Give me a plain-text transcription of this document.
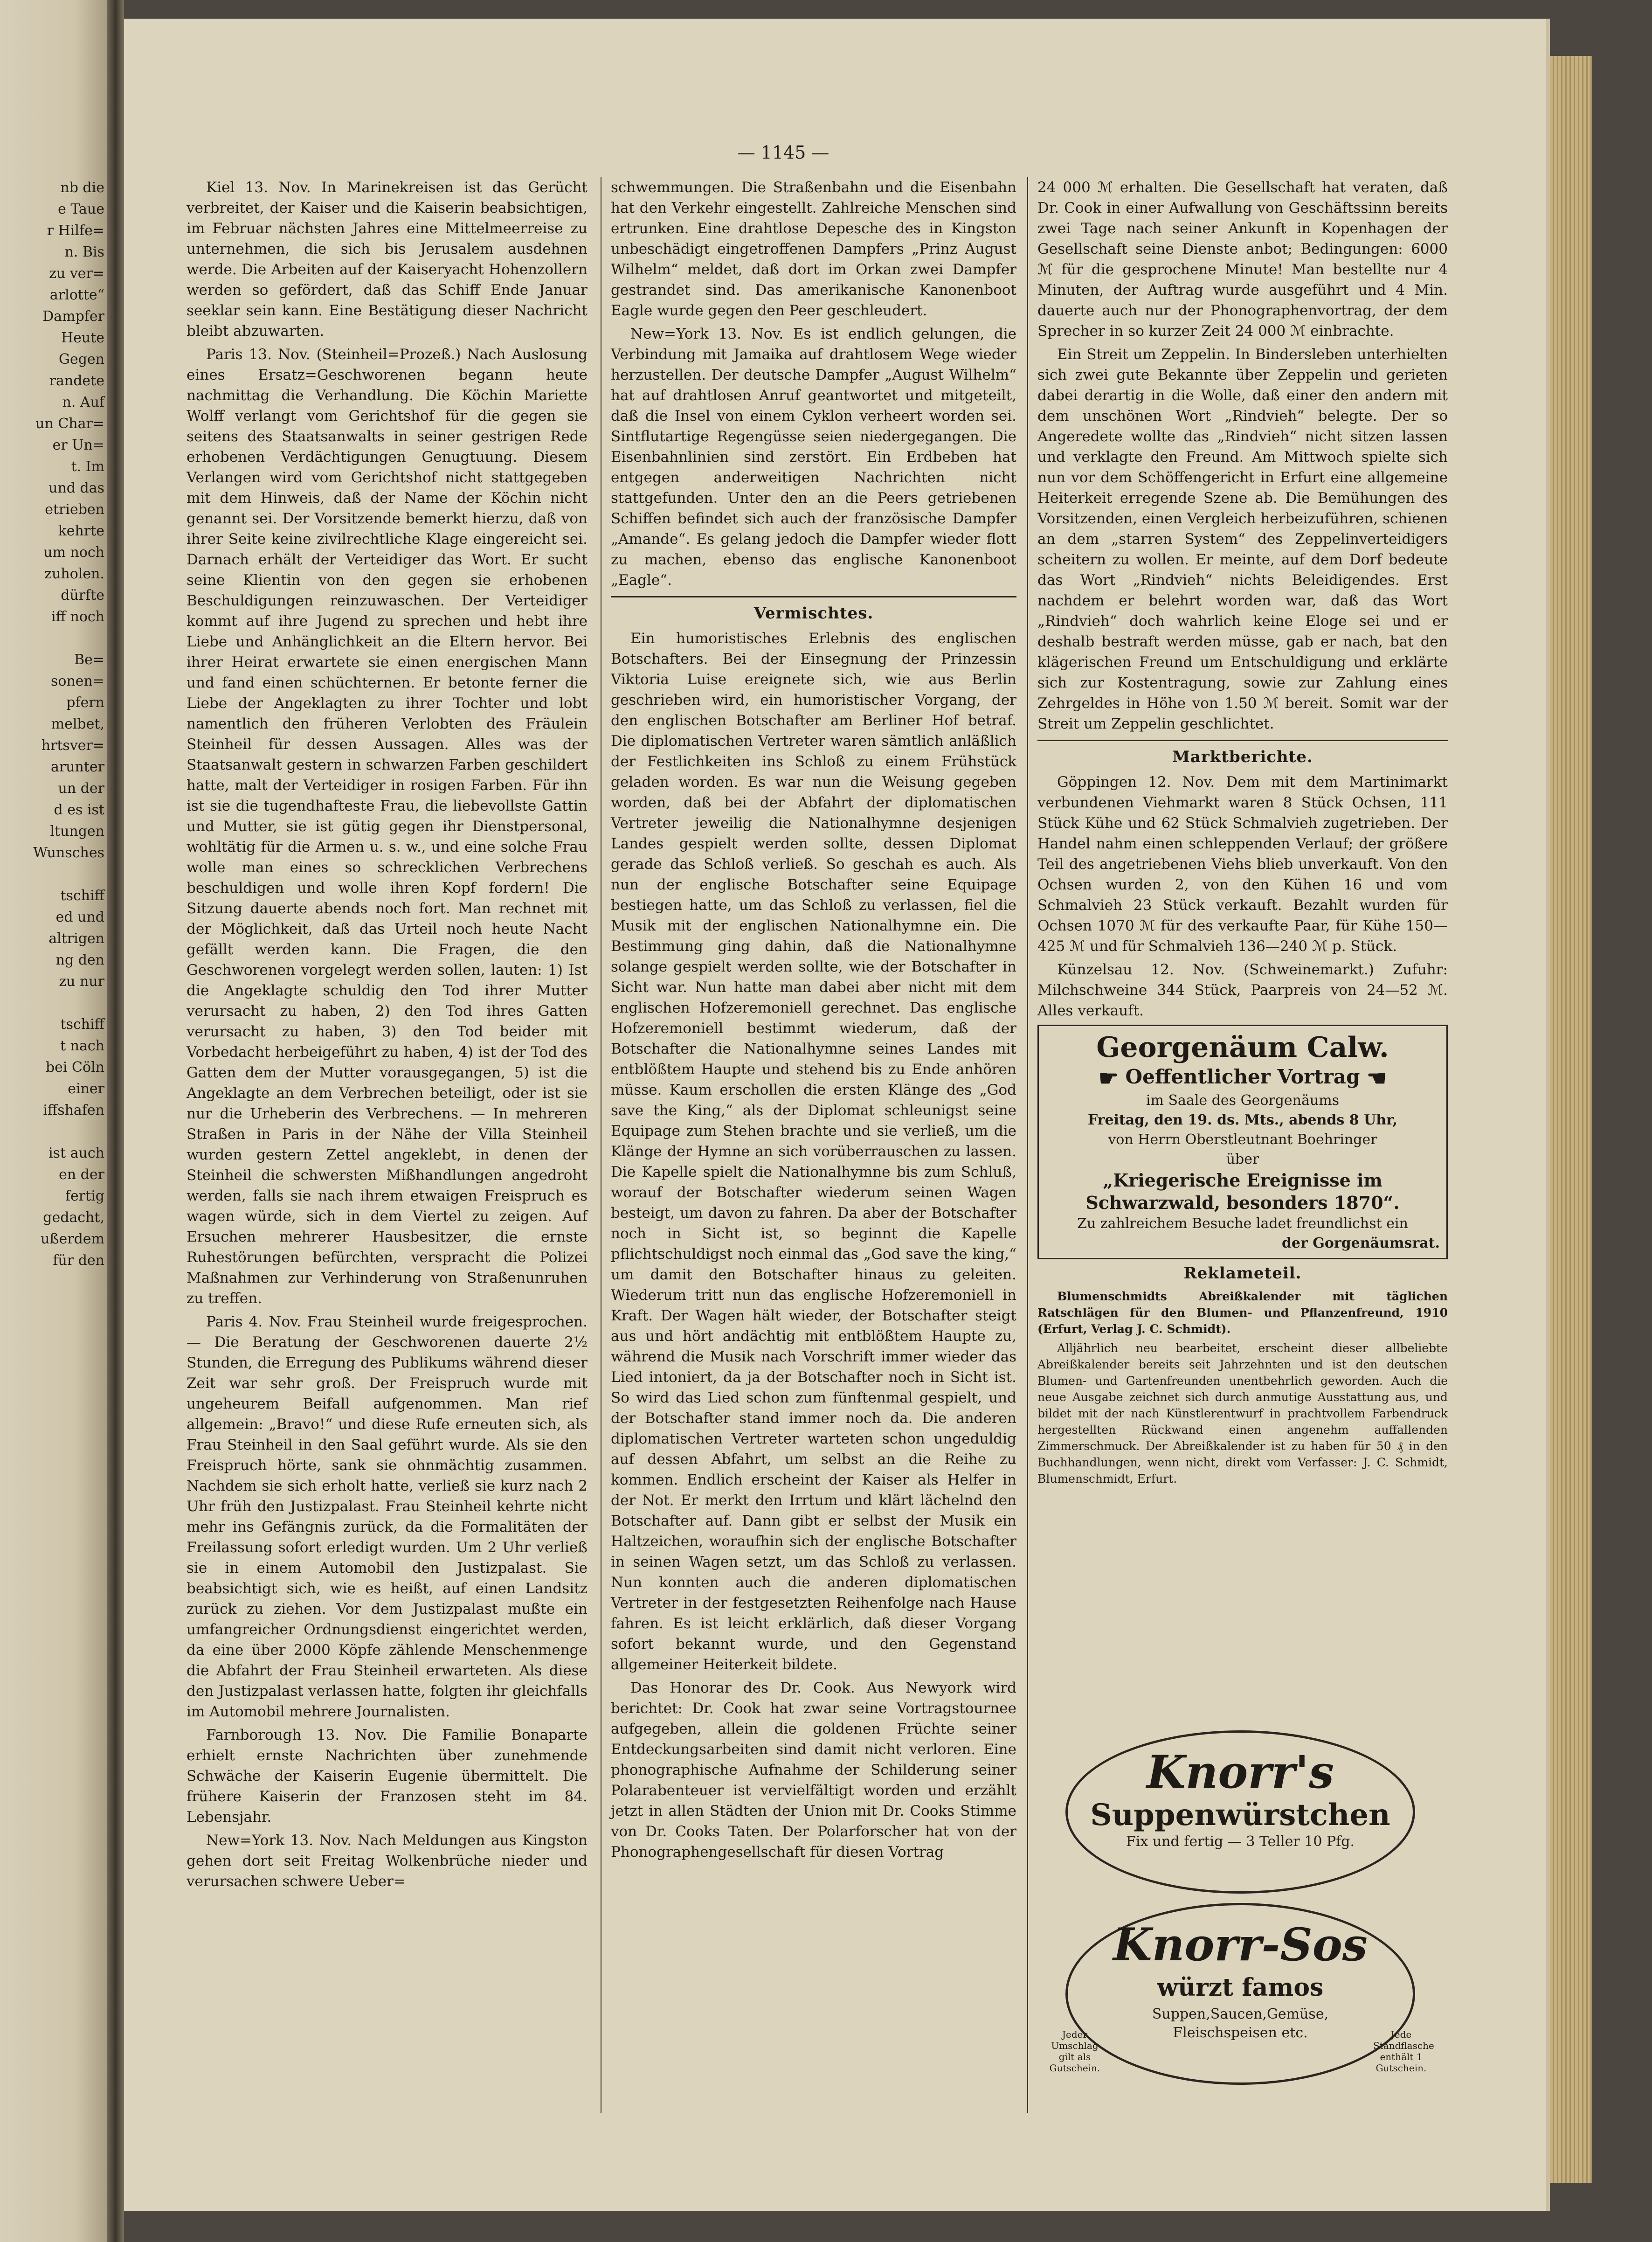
nb die
e Taue
r Hilfe=
n. Bis
zu ver=
arlotte“
Dampfer
Heute
Gegen
randete
n. Auf
un Char=
er Un=
t. Im
und das
etrieben
kehrte
um noch
zuholen.
dürfte
iff noch
Be=
sonen=
pfern
melbet,
hrtsver=
arunter
un der
d es ist
ltungen
Wunsches
tschiff
ed und
altrigen
ng den
zu nur
tschiff
t nach
bei Cöln
einer
iffshafen
ist auch
en der
fertig
gedacht,
ußerdem
für den
— 1145 —

Kiel 13. Nov. In Marinekreisen ist das Gerücht verbreitet, der Kaiser und die Kaiserin beabsichtigen, im Februar nächsten Jahres eine Mittelmeerreise zu unternehmen, die sich bis Jerusalem ausdehnen werde. Die Arbeiten auf der Kaiseryacht Hohenzollern werden so gefördert, daß das Schiff Ende Januar seeklar sein kann. Eine Bestätigung dieser Nachricht bleibt abzuwarten.

Paris 13. Nov. (Steinheil=Prozeß.) Nach Auslosung eines Ersatz=Geschworenen begann heute nachmittag die Verhandlung. Die Köchin Mariette Wolff verlangt vom Gerichtshof für die gegen sie seitens des Staatsanwalts in seiner gestrigen Rede erhobenen Verdächtigungen Genugtuung. Diesem Verlangen wird vom Gerichtshof nicht stattgegeben mit dem Hinweis, daß der Name der Köchin nicht genannt sei. Der Vorsitzende bemerkt hierzu, daß von ihrer Seite keine zivilrechtliche Klage eingereicht sei. Darnach erhält der Verteidiger das Wort. Er sucht seine Klientin von den gegen sie erhobenen Beschuldigungen reinzuwaschen. Der Verteidiger kommt auf ihre Jugend zu sprechen und hebt ihre Liebe und Anhänglichkeit an die Eltern hervor. Bei ihrer Heirat erwartete sie einen energischen Mann und fand einen schüchternen. Er betonte ferner die Liebe der Angeklagten zu ihrer Tochter und lobt namentlich den früheren Verlobten des Fräulein Steinheil für dessen Aussagen. Alles was der Staatsanwalt gestern in schwarzen Farben geschildert hatte, malt der Verteidiger in rosigen Farben. Für ihn ist sie die tugendhafteste Frau, die liebevollste Gattin und Mutter, sie ist gütig gegen ihr Dienstpersonal, wohltätig für die Armen u. s. w., und eine solche Frau wolle man eines so schrecklichen Verbrechens beschuldigen und wolle ihren Kopf fordern! Die Sitzung dauerte abends noch fort. Man rechnet mit der Möglichkeit, daß das Urteil noch heute Nacht gefällt werden kann. Die Fragen, die den Geschworenen vorgelegt werden sollen, lauten: 1) Ist die Angeklagte schuldig den Tod ihrer Mutter verursacht zu haben, 2) den Tod ihres Gatten verursacht zu haben, 3) den Tod beider mit Vorbedacht herbeigeführt zu haben, 4) ist der Tod des Gatten dem der Mutter vorausgegangen, 5) ist die Angeklagte an dem Verbrechen beteiligt, oder ist sie nur die Urheberin des Verbrechens. — In mehreren Straßen in Paris in der Nähe der Villa Steinheil wurden gestern Zettel angeklebt, in denen der Steinheil die schwersten Mißhandlungen angedroht werden, falls sie nach ihrem etwaigen Freispruch es wagen würde, sich in dem Viertel zu zeigen. Auf Ersuchen mehrerer Hausbesitzer, die ernste Ruhestörungen befürchten, verspracht die Polizei Maßnahmen zur Verhinderung von Straßenunruhen zu treffen.

Paris 4. Nov. Frau Steinheil wurde freigesprochen. — Die Beratung der Geschworenen dauerte 2½ Stunden, die Erregung des Publikums während dieser Zeit war sehr groß. Der Freispruch wurde mit ungeheurem Beifall aufgenommen. Man rief allgemein: „Bravo!“ und diese Rufe erneuten sich, als Frau Steinheil in den Saal geführt wurde. Als sie den Freispruch hörte, sank sie ohnmächtig zusammen. Nachdem sie sich erholt hatte, verließ sie kurz nach 2 Uhr früh den Justizpalast. Frau Steinheil kehrte nicht mehr ins Gefängnis zurück, da die Formalitäten der Freilassung sofort erledigt wurden. Um 2 Uhr verließ sie in einem Automobil den Justizpalast. Sie beabsichtigt sich, wie es heißt, auf einen Landsitz zurück zu ziehen. Vor dem Justizpalast mußte ein umfangreicher Ordnungsdienst eingerichtet werden, da eine über 2000 Köpfe zählende Menschenmenge die Abfahrt der Frau Steinheil erwarteten. Als diese den Justizpalast verlassen hatte, folgten ihr gleichfalls im Automobil mehrere Journalisten.

Farnborough 13. Nov. Die Familie Bonaparte erhielt ernste Nachrichten über zunehmende Schwäche der Kaiserin Eugenie übermittelt. Die frühere Kaiserin der Franzosen steht im 84. Lebensjahr.

New=York 13. Nov. Nach Meldungen aus Kingston gehen dort seit Freitag Wolkenbrüche nieder und verursachen schwere Ueber=

schwemmungen. Die Straßenbahn und die Eisenbahn hat den Verkehr eingestellt. Zahlreiche Menschen sind ertrunken. Eine drahtlose Depesche des in Kingston unbeschädigt eingetroffenen Dampfers „Prinz August Wilhelm“ meldet, daß dort im Orkan zwei Dampfer gestrandet sind. Das amerikanische Kanonenboot Eagle wurde gegen den Peer geschleudert.

New=York 13. Nov. Es ist endlich gelungen, die Verbindung mit Jamaika auf drahtlosem Wege wieder herzustellen. Der deutsche Dampfer „August Wilhelm“ hat auf drahtlosen Anruf geantwortet und mitgeteilt, daß die Insel von einem Cyklon verheert worden sei. Sintflutartige Regengüsse seien niedergegangen. Die Eisenbahnlinien sind zerstört. Ein Erdbeben hat entgegen anderweitigen Nachrichten nicht stattgefunden. Unter den an die Peers getriebenen Schiffen befindet sich auch der französische Dampfer „Amande“. Es gelang jedoch die Dampfer wieder flott zu machen, ebenso das englische Kanonenboot „Eagle“.

Vermischtes.

Ein humoristisches Erlebnis des englischen Botschafters. Bei der Einsegnung der Prinzessin Viktoria Luise ereignete sich, wie aus Berlin geschrieben wird, ein humoristischer Vorgang, der den englischen Botschafter am Berliner Hof betraf. Die diplomatischen Vertreter waren sämtlich anläßlich der Festlichkeiten ins Schloß zu einem Frühstück geladen worden. Es war nun die Weisung gegeben worden, daß bei der Abfahrt der diplomatischen Vertreter jeweilig die Nationalhymne desjenigen Landes gespielt werden sollte, dessen Diplomat gerade das Schloß verließ. So geschah es auch. Als nun der englische Botschafter seine Equipage bestiegen hatte, um das Schloß zu verlassen, fiel die Musik mit der englischen Nationalhymne ein. Die Bestimmung ging dahin, daß die Nationalhymne solange gespielt werden sollte, wie der Botschafter in Sicht war. Nun hatte man dabei aber nicht mit dem englischen Hofzeremoniell gerechnet. Das englische Hofzeremoniell bestimmt wiederum, daß der Botschafter die Nationalhymne seines Landes mit entblößtem Haupte und stehend bis zu Ende anhören müsse. Kaum erschollen die ersten Klänge des „God save the King,“ als der Diplomat schleunigst seine Equipage zum Stehen brachte und sie verließ, um die Klänge der Hymne an sich vorüberrauschen zu lassen. Die Kapelle spielt die Nationalhymne bis zum Schluß, worauf der Botschafter wiederum seinen Wagen besteigt, um davon zu fahren. Da aber der Botschafter noch in Sicht ist, so beginnt die Kapelle pflichtschuldigst noch einmal das „God save the king,“ um damit den Botschafter hinaus zu geleiten. Wiederum tritt nun das englische Hofzeremoniell in Kraft. Der Wagen hält wieder, der Botschafter steigt aus und hört andächtig mit entblößtem Haupte zu, während die Musik nach Vorschrift immer wieder das Lied intoniert, da ja der Botschafter noch in Sicht ist. So wird das Lied schon zum fünftenmal gespielt, und der Botschafter stand immer noch da. Die anderen diplomatischen Vertreter warteten schon ungeduldig auf dessen Abfahrt, um selbst an die Reihe zu kommen. Endlich erscheint der Kaiser als Helfer in der Not. Er merkt den Irrtum und klärt lächelnd den Botschafter auf. Dann gibt er selbst der Musik ein Haltzeichen, woraufhin sich der englische Botschafter in seinen Wagen setzt, um das Schloß zu verlassen. Nun konnten auch die anderen diplomatischen Vertreter in der festgesetzten Reihenfolge nach Hause fahren. Es ist leicht erklärlich, daß dieser Vorgang sofort bekannt wurde, und den Gegenstand allgemeiner Heiterkeit bildete.

Das Honorar des Dr. Cook. Aus Newyork wird berichtet: Dr. Cook hat zwar seine Vortragstournee aufgegeben, allein die goldenen Früchte seiner Entdeckungsarbeiten sind damit nicht verloren. Eine phonographische Aufnahme der Schilderung seiner Polarabenteuer ist vervielfältigt worden und erzählt jetzt in allen Städten der Union mit Dr. Cooks Stimme von Dr. Cooks Taten. Der Polarforscher hat von der Phonographengesellschaft für diesen Vortrag

24 000 ℳ erhalten. Die Gesellschaft hat veraten, daß Dr. Cook in einer Aufwallung von Geschäftssinn bereits zwei Tage nach seiner Ankunft in Kopenhagen der Gesellschaft seine Dienste anbot; Bedingungen: 6000 ℳ für die gesprochene Minute! Man bestellte nur 4 Minuten, der Auftrag wurde ausgeführt und 4 Min. dauerte auch nur der Phonographenvortrag, der dem Sprecher in so kurzer Zeit 24 000 ℳ einbrachte.

Ein Streit um Zeppelin. In Bindersleben unterhielten sich zwei gute Bekannte über Zeppelin und gerieten dabei derartig in die Wolle, daß einer den andern mit dem unschönen Wort „Rindvieh“ belegte. Der so Angeredete wollte das „Rindvieh“ nicht sitzen lassen und verklagte den Freund. Am Mittwoch spielte sich nun vor dem Schöffengericht in Erfurt eine allgemeine Heiterkeit erregende Szene ab. Die Bemühungen des Vorsitzenden, einen Vergleich herbeizuführen, schienen an dem „starren System“ des Zeppelinverteidigers scheitern zu wollen. Er meinte, auf dem Dorf bedeute das Wort „Rindvieh“ nichts Beleidigendes. Erst nachdem er belehrt worden war, daß das Wort „Rindvieh“ doch wahrlich keine Eloge sei und er deshalb bestraft werden müsse, gab er nach, bat den klägerischen Freund um Entschuldigung und erklärte sich zur Kostentragung, sowie zur Zahlung eines Zehrgeldes in Höhe von 1.50 ℳ bereit. Somit war der Streit um Zeppelin geschlichtet.

Marktberichte.

Göppingen 12. Nov. Dem mit dem Martinimarkt verbundenen Viehmarkt waren 8 Stück Ochsen, 111 Stück Kühe und 62 Stück Schmalvieh zugetrieben. Der Handel nahm einen schleppenden Verlauf; der größere Teil des angetriebenen Viehs blieb unverkauft. Von den Ochsen wurden 2, von den Kühen 16 und vom Schmalvieh 23 Stück verkauft. Bezahlt wurden für Ochsen 1070 ℳ für des verkaufte Paar, für Kühe 150—425 ℳ und für Schmalvieh 136—240 ℳ p. Stück.

Künzelsau 12. Nov. (Schweinemarkt.) Zufuhr: Milchschweine 344 Stück, Paarpreis von 24—52 ℳ. Alles verkauft.

Georgenäum Calw.
☛ Oeffentlicher Vortrag ☚
im Saale des Georgenäums
Freitag, den 19. ds. Mts., abends 8 Uhr,
von Herrn Oberstleutnant Boehringer
über
„Kriegerische Ereignisse im Schwarzwald, besonders 1870“.
Zu zahlreichem Besuche ladet freundlichst ein
der Gorgenäumsrat.
Reklameteil.

Blumenschmidts Abreißkalender mit täglichen Ratschlägen für den Blumen- und Pflanzenfreund, 1910 (Erfurt, Verlag J. C. Schmidt).

Alljährlich neu bearbeitet, erscheint dieser allbeliebte Abreißkalender bereits seit Jahrzehnten und ist den deutschen Blumen- und Gartenfreunden unentbehrlich geworden. Auch die neue Ausgabe zeichnet sich durch anmutige Ausstattung aus, und bildet mit der nach Künstlerentwurf in prachtvollem Farbendruck hergestellten Rückwand einen angenehm auffallenden Zimmerschmuck. Der Abreißkalender ist zu haben für 50 ₰ in den Buchhandlungen, wenn nicht, direkt vom Verfasser: J. C. Schmidt, Blumenschmidt, Erfurt.

Knorr's
Suppenwürstchen
Fix und fertig — 3 Teller 10 Pfg.
Knorr-Sos
würzt famos
Suppen,Saucen,Gemüse, Fleischspeisen etc.
Jeder Umschlag gilt als Gutschein.
Jede Standflasche enthält 1 Gutschein.
